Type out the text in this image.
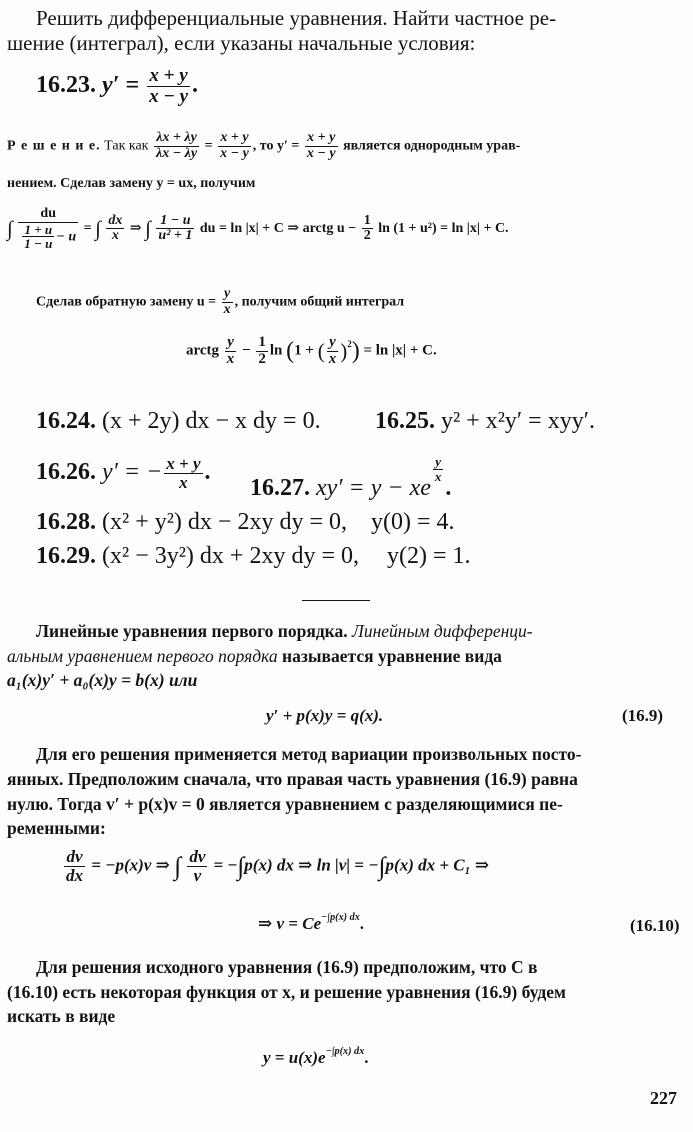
Решить дифференциальные уравнения. Найти частное ре-
шение (интеграл), если указаны начальные условия:
16.23. $y' = \frac{x + y}{x - y}$ .
Р е ш е н и е. Так как $\frac{\lambda x + \lambda y}{\lambda x - \lambda y} = \frac{x + y}{x - y}$ , то $y' = \frac{x + y}{x - y}$ является однородным урав-
нением. Сделав замену y = ux, получим
∫ $\frac{du}{\frac{1 + u}{1 - u} - u}$ = ∫ $\frac{dx}{x}$ ⇒ ∫ $\frac{1 - u}{\text{u² + 1}}$ du = ln |x| + C ⇒ arctg $u - \frac{1}{2}$ ln (1 + u²) = ln |x| + C.
Сделав обратную замену $u = \frac{y}{x}$ , получим общий интеграл
arctg $\frac{y}{x} - \frac{1}{2}$ ln (1 + ( $\frac{y}{x} )2) = \ln |x| + C$.
16.24. (x + 2y) dx − x dy = 0. 16.25. y² + x²y′ = xyy′.
16.26. y′ = − $\frac{x + y}{x}$ .
16.27. xy′ = y − xe
$\frac{y}{x}$
.
16.28. (x² + y²) dx − 2xy dy = 0, y(0) = 4.
16.29. (x² − 3y²) dx + 2xy dy = 0, y(2) = 1.
Линейные уравнения первого порядка. Линейным дифференци-
альным уравнением первого порядка называется уравнение вида
a₁(x)y′ + a₀(x)y = b(x) или
y′ + p(x)y = q(x).	(16.9)
Для его решения применяется метод вариации произвольных посто-
янных. Предположим сначала, что правая часть уравнения (16.9) равна
нулю. Тогда v′ + p(x)v = 0 является уравнением с разделяющимися пе-
ременными:
$\frac{dv}{dx} = -p(x)v$ ⇒ ∫ $\frac{dv}{v} = -\int p(x)$ dx ⇒ ln |v| = −∫p(x) dx + C₁ ⇒
⇒ v = Ce−∫p(x) dx.	(16.10)
Для решения исходного уравнения (16.9) предположим, что C в
(16.10) есть некоторая функция от x, и решение уравнения (16.9) будем
искать в виде
y = u(x)e−∫p(x) dx.
227
